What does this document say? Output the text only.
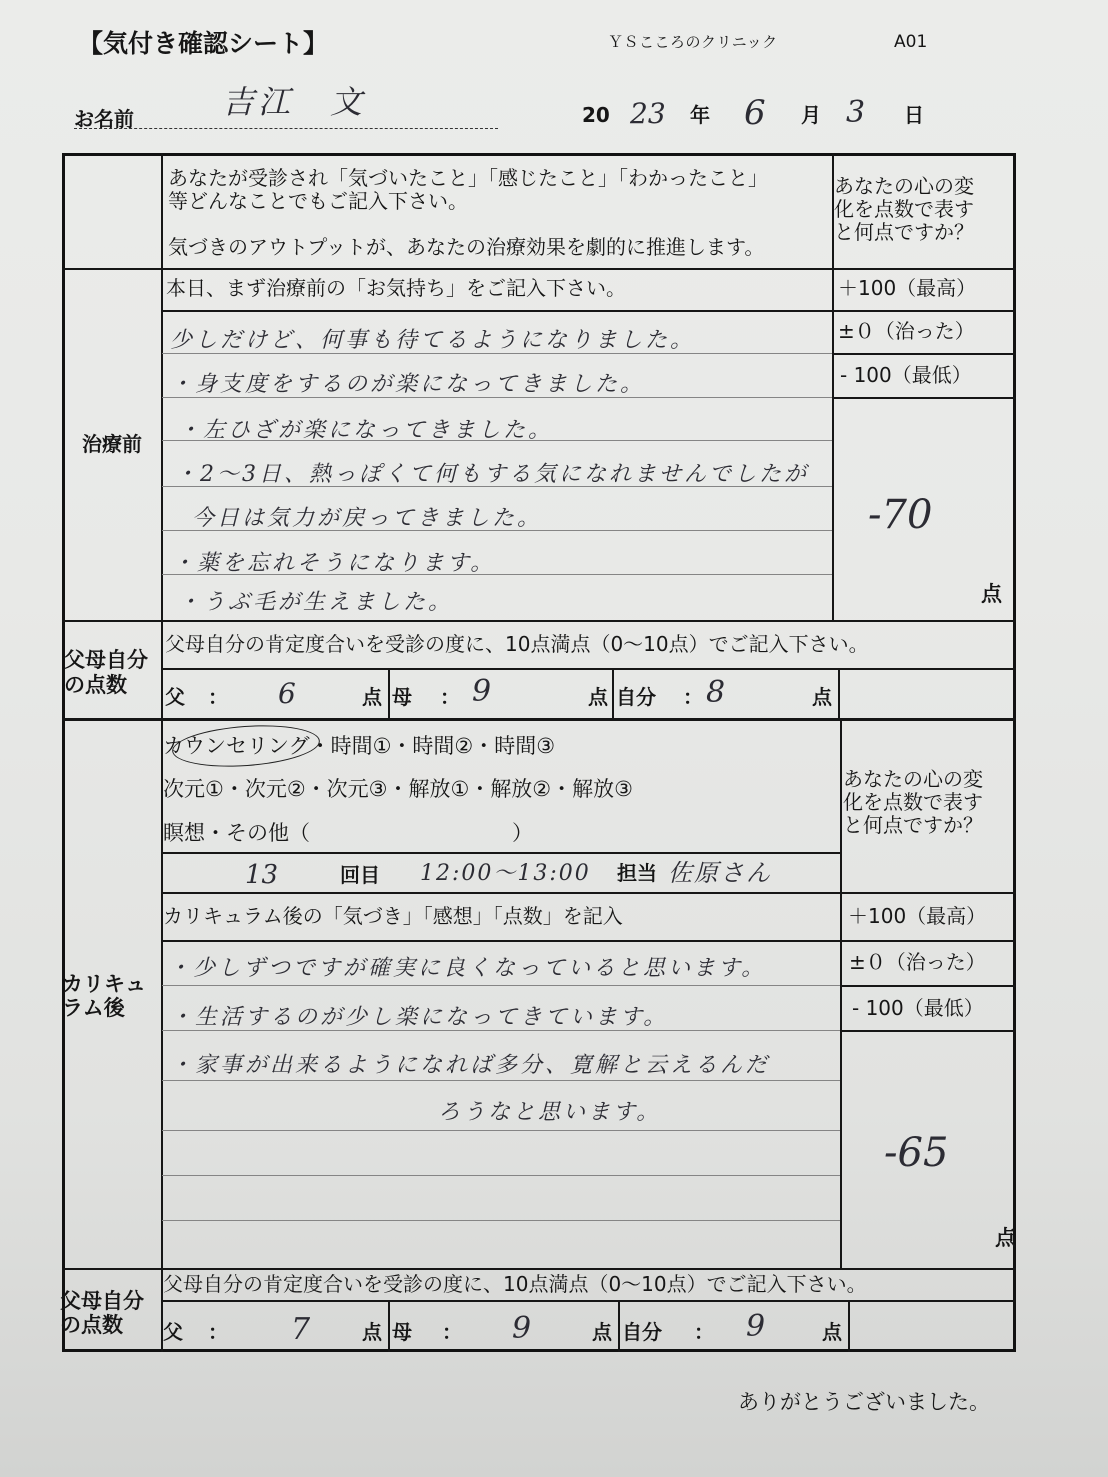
【気付き確認シート】	ＹＳこころのクリニック	A01
お名前	吉江　文	20 23 年 6 月 3 日
あなたが受診され「気づいたこと」「感じたこと」「わかったこと」
等どんなことでもご記入下さい。
気づきのアウトプットが、あなたの治療効果を劇的に推進します。
あなたの心の変
化を点数で表す
と何点ですか？
治療前
本日、まず治療前の「お気持ち」をご記入下さい。
少しだけど、何事も待てるようになりました。
・身支度をするのが楽になってきました。
・左ひざが楽になってきました。
・2～3日、熱っぽくて何もする気になれませんでしたが
今日は気力が戻ってきました。
・薬を忘れそうになります。
・うぶ毛が生えました。
＋100（最高）
±０（治った）
- 100（最低）
-70
点
父母自分
の点数
父母自分の肯定度合いを受診の度に、10点満点（0～10点）でご記入下さい。
父 ： 6	点 母 ： 9	点 自分 ： 8	点
カリキュ
ラム後
カウンセリング ・ 時間① ・ 時間② ・ 時間③
次元① ・ 次元② ・ 次元③ ・ 解放① ・ 解放② ・ 解放③
瞑想・その他（	）
13	回目 12:00～13:00 担当 佐原さん
あなたの心の変
化を点数で表す
と何点ですか？
カリキュラム後の「気づき」「感想」「点数」を記入
・少しずつですが確実に良くなっていると思います。
・生活するのが少し楽になってきています。
・家事が出来るようになれば多分、寛解と云えるんだ
ろうなと思います。
＋100（最高）
±０（治った）
- 100（最低）
-65
点
父母自分
の点数
父母自分の肯定度合いを受診の度に、10点満点（0～10点）でご記入下さい。
父 ： 7	点 母 ： 9	点 自分 ： 9	点
ありがとうございました。
